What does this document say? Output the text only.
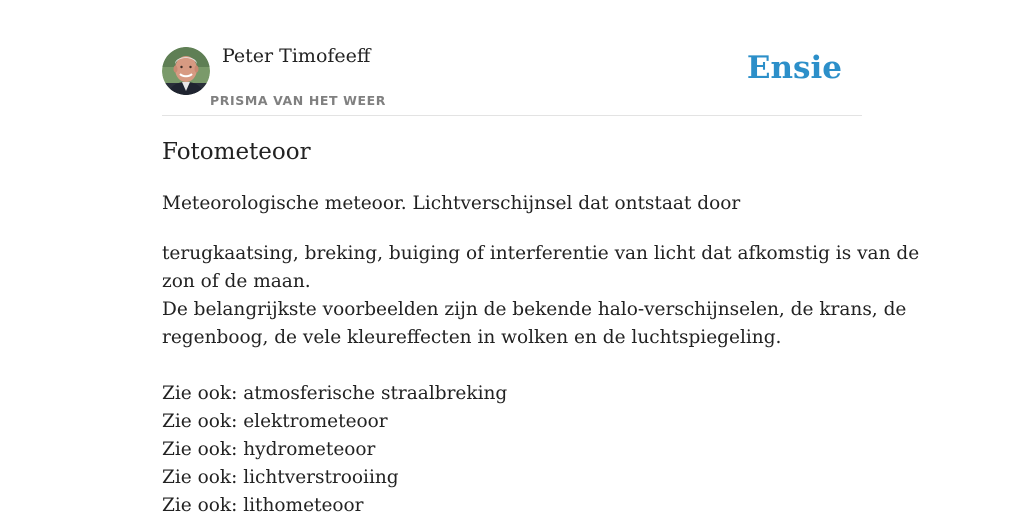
Peter Timofeeff
PRISMA VAN HET WEER
Ensie
Fotometeoor
Meteorologische meteoor. Lichtverschijnsel dat ontstaat door
terugkaatsing, breking, buiging of interferentie van licht dat afkomstig is van de
zon of de maan.
De belangrijkste voorbeelden zijn de bekende halo-verschijnselen, de krans, de
regenboog, de vele kleureffecten in wolken en de luchtspiegeling.
Zie ook: atmosferische straalbreking
Zie ook: elektrometeoor
Zie ook: hydrometeoor
Zie ook: lichtverstrooiing
Zie ook: lithometeoor
